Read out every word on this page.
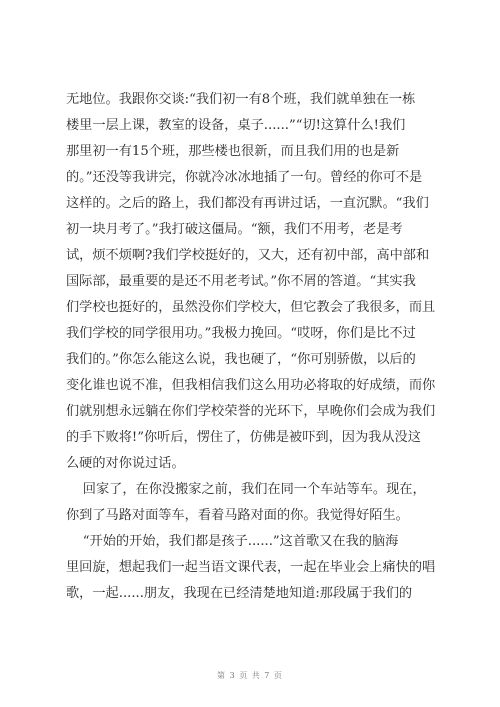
无地位。我跟你交谈:“我们初一有8个班，我们就单独在一栋
楼里一层上课，教室的设备，桌子......”“切!这算什么!我们
那里初一有15个班，那些楼也很新，而且我们用的也是新
的。”还没等我讲完，你就冷冰冰地插了一句。曾经的你可不是
这样的。之后的路上，我们都没有再讲过话，一直沉默。“我们
初一块月考了。”我打破这僵局。“额，我们不用考，老是考
试，烦不烦啊?我们学校挺好的，又大，还有初中部，高中部和
国际部，最重要的是还不用老考试。”你不屑的答道。“其实我
们学校也挺好的，虽然没你们学校大，但它教会了我很多，而且
我们学校的同学很用功。”我极力挽回。“哎呀，你们是比不过
我们的。”你怎么能这么说，我也硬了，“你可别骄傲，以后的
变化谁也说不准，但我相信我们这么用功必将取的好成绩，而你
们就别想永远躺在你们学校荣誉的光环下，早晚你们会成为我们
的手下败将!”你听后，愣住了，仿佛是被吓到，因为我从没这
么硬的对你说过话。
回家了，在你没搬家之前，我们在同一个车站等车。现在，
你到了马路对面等车，看着马路对面的你。我觉得好陌生。
“开始的开始，我们都是孩子......”这首歌又在我的脑海
里回旋，想起我们一起当语文课代表，一起在毕业会上痛快的唱
歌，一起......朋友，我现在已经清楚地知道:那段属于我们的
第 3 页 共 7 页
